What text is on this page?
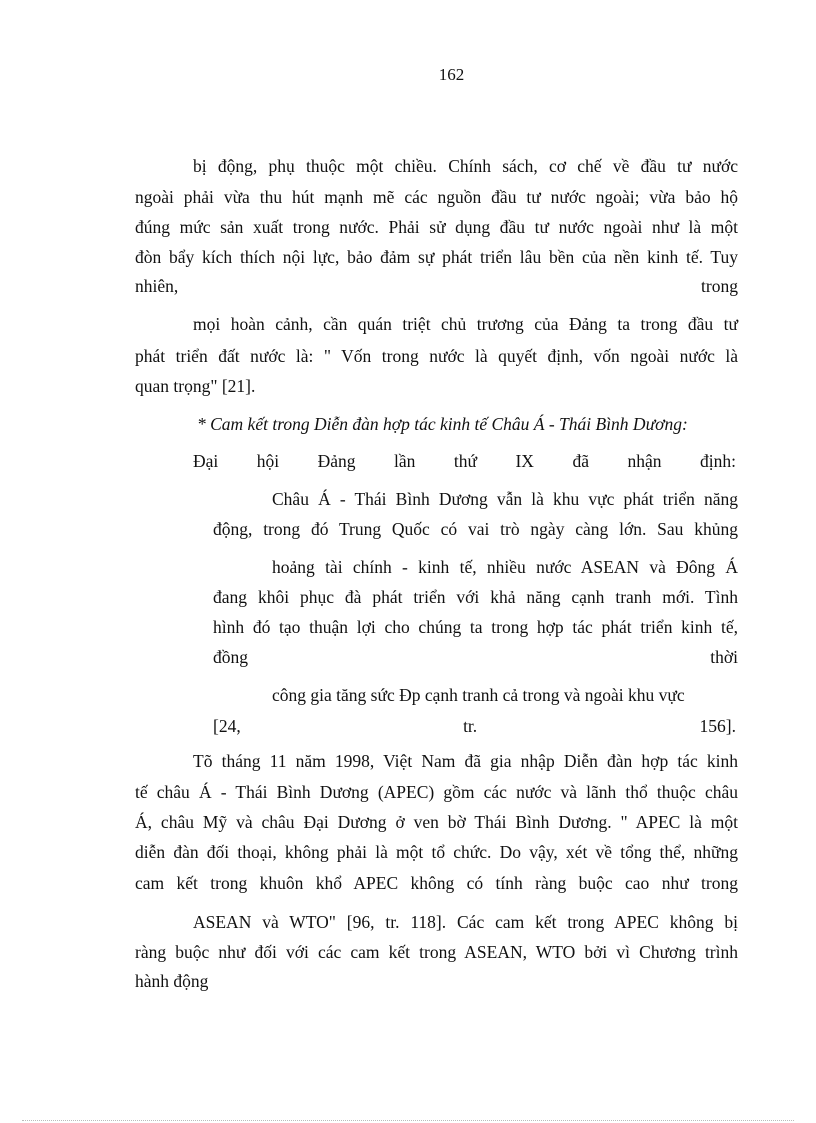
162
bị động, phụ thuộc một chiều. Chính sách, cơ chế về đầu tư nước
ngoài phải vừa thu hút mạnh mẽ các nguồn đầu tư nước ngoài; vừa bảo hộ
đúng mức sản xuất trong nước. Phải sử dụng đầu tư nước ngoài như là một
đòn bẩy kích thích nội lực, bảo đảm sự phát triển lâu bền của nền kinh tế. Tuy
nhiên,	trong
mọi hoàn cảnh, cần quán triệt chủ trương của Đảng ta trong đầu tư
phát triển đất nước là: " Vốn trong nước là quyết định, vốn ngoài nước là
quan trọng" [21].
* Cam kết trong Diễn đàn hợp tác kinh tế Châu Á - Thái Bình Dương:
Đại hội Đảng lần thứ IX đã nhận định:
Châu Á - Thái Bình Dương vẫn là khu vực phát triển năng
động, trong đó Trung Quốc có vai trò ngày càng lớn. Sau khủng
hoảng tài chính - kinh tế, nhiều nước ASEAN và Đông Á
đang khôi phục đà phát triển với khả năng cạnh tranh mới. Tình
hình đó tạo thuận lợi cho chúng ta trong hợp tác phát triển kinh tế,
đồng	thời
công gia tăng sức Đp cạnh tranh cả trong và ngoài khu vực
[24,	tr.	156].
Tõ tháng 11 năm 1998, Việt Nam đã gia nhập Diễn đàn hợp tác kinh
tế châu Á - Thái Bình Dương (APEC) gồm các nước và lãnh thổ thuộc châu
Á, châu Mỹ và châu Đại Dương ở ven bờ Thái Bình Dương. " APEC là một
diễn đàn đối thoại, không phải là một tổ chức. Do vậy, xét về tổng thể, những
cam kết trong khuôn khổ APEC không có tính ràng buộc cao như trong
ASEAN và WTO" [96, tr. 118]. Các cam kết trong APEC không bị
ràng buộc như đối với các cam kết trong ASEAN, WTO bởi vì Chương trình
hành động
